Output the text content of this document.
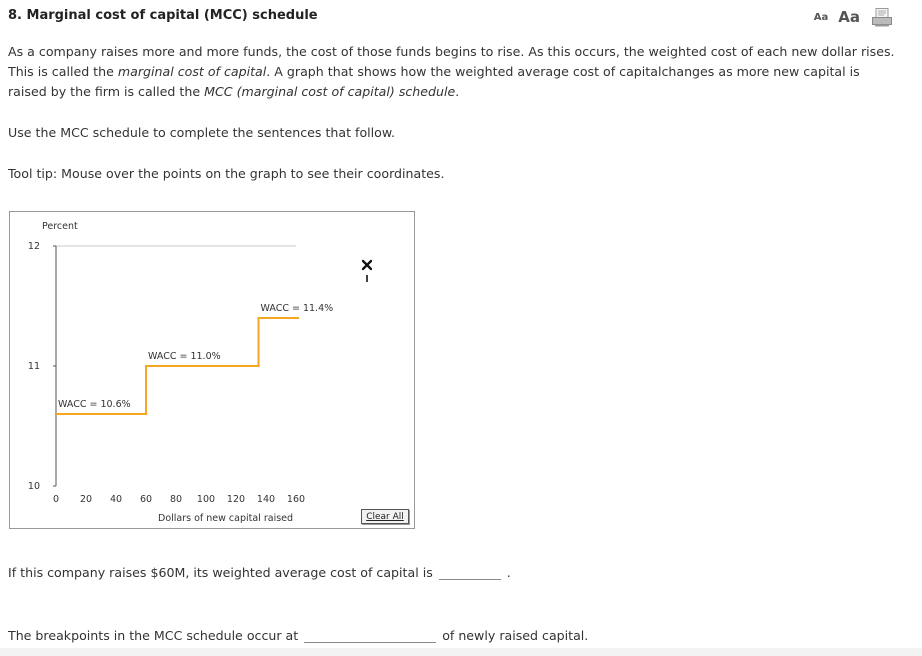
8. Marginal cost of capital (MCC) schedule	Aa Aa

As a company raises more and more funds, the cost of those funds begins to rise. As this occurs, the weighted cost of each new dollar rises. This is called the marginal cost of capital. A graph that shows how the weighted average cost of capitalchanges as more new capital is raised by the firm is called the MCC (marginal cost of capital) schedule.

Use the MCC schedule to complete the sentences that follow.

Tool tip: Mouse over the points on the graph to see their coordinates.

Percent
10
11
12
0 20 40 60 80 100 120 140 160
Dollars of new capital raised
WACC = 10.6%
WACC = 11.0%
WACC = 11.4%
Clear All
If this company raises $60M, its weighted average cost of capital is	.
The breakpoints in the MCC schedule occur at	of newly raised capital.
